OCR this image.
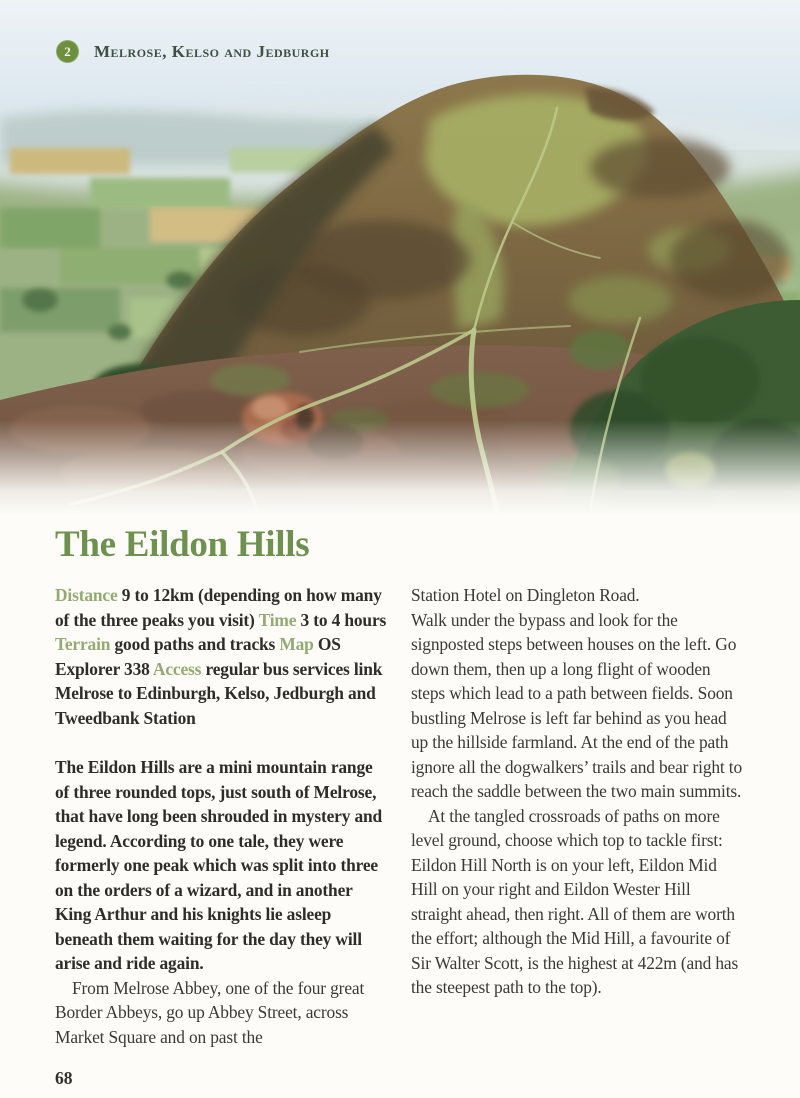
2	Melrose, Kelso and Jedburgh
The Eildon Hills

Distance 9 to 12km (depending on how many of the three peaks you visit) Time 3 to 4 hours Terrain good paths and tracks Map OS Explorer 338 Access regular bus services link Melrose to Edinburgh, Kelso, Jedburgh and Tweedbank Station

The Eildon Hills are a mini mountain range of three rounded tops, just south of Melrose, that have long been shrouded in mystery and legend. According to one tale, they were formerly one peak which was split into three on the orders of a wizard, and in another King Arthur and his knights lie asleep beneath them waiting for the day they will arise and ride again.

From Melrose Abbey, one of the four great Border Abbeys, go up Abbey Street, across Market Square and on past the

Station Hotel on Dingleton Road.

Walk under the bypass and look for the signposted steps between houses on the left. Go down them, then up a long flight of wooden steps which lead to a path between fields. Soon bustling Melrose is left far behind as you head up the hillside farmland. At the end of the path ignore all the dogwalkers’ trails and bear right to reach the saddle between the two main summits.

At the tangled crossroads of paths on more level ground, choose which top to tackle first: Eildon Hill North is on your left, Eildon Mid Hill on your right and Eildon Wester Hill straight ahead, then right. All of them are worth the effort; although the Mid Hill, a favourite of Sir Walter Scott, is the highest at 422m (and has the steepest path to the top).

68
